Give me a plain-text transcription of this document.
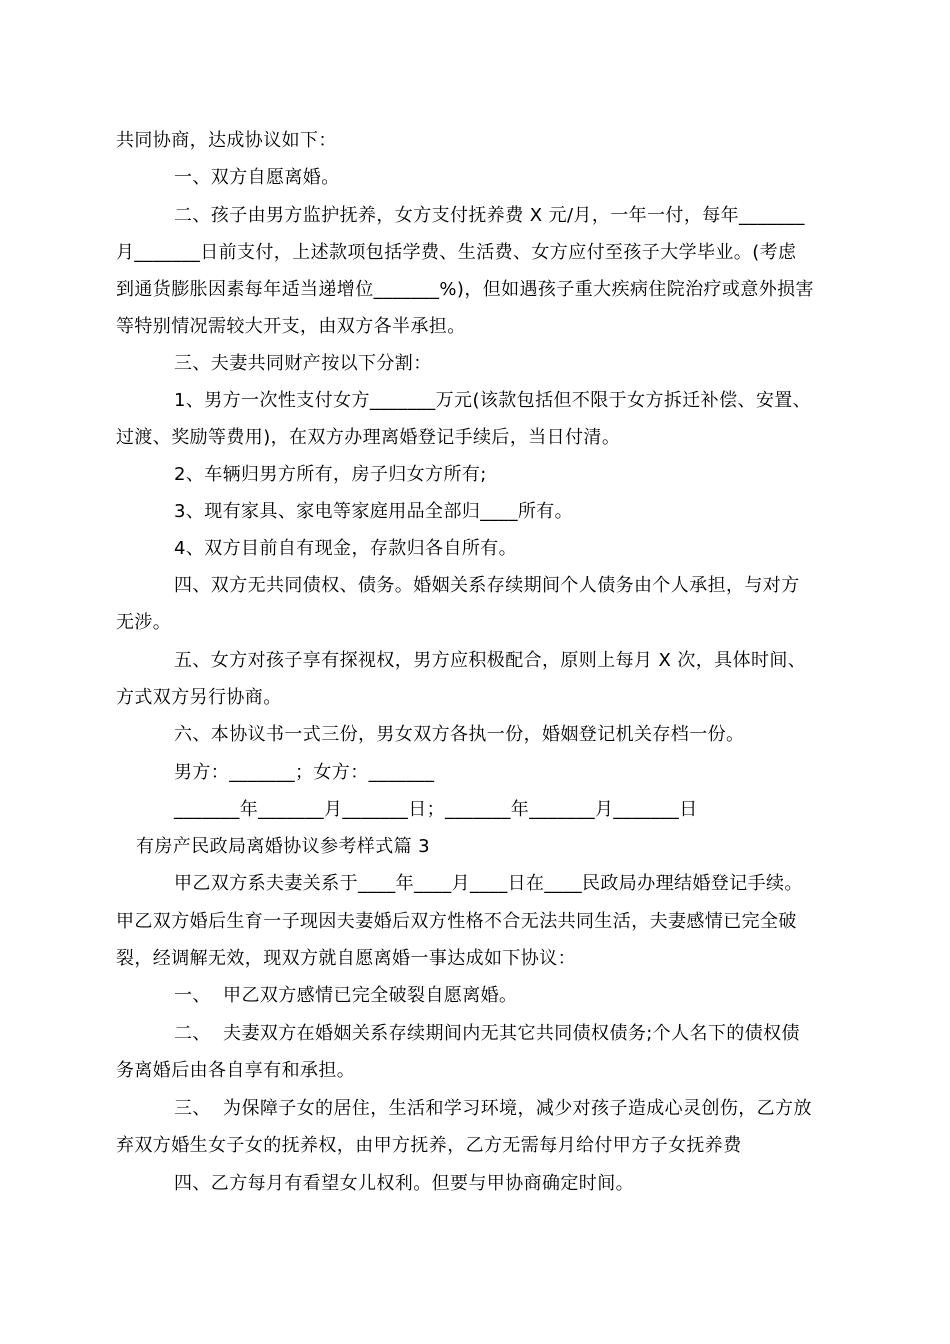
共同协商，达成协议如下：
一、双方自愿离婚。
二、孩子由男方监护抚养，女方支付抚养费 X 元/月，一年一付，每年_______
月_______日前支付，上述款项包括学费、生活费、女方应付至孩子大学毕业。(考虑
到通货膨胀因素每年适当递增位_______%)，但如遇孩子重大疾病住院治疗或意外损害
等特别情况需较大开支，由双方各半承担。
三、夫妻共同财产按以下分割：
1、男方一次性支付女方_______万元(该款包括但不限于女方拆迁补偿、安置、
过渡、奖励等费用)，在双方办理离婚登记手续后，当日付清。
2、车辆归男方所有，房子归女方所有;
3、现有家具、家电等家庭用品全部归____所有。
4、双方目前自有现金，存款归各自所有。
四、双方无共同债权、债务。婚姻关系存续期间个人债务由个人承担，与对方
无涉。
五、女方对孩子享有探视权，男方应积极配合，原则上每月 X 次，具体时间、
方式双方另行协商。
六、本协议书一式三份，男女双方各执一份，婚姻登记机关存档一份。
男方：_______；女方：_______
_______年_______月_______日；_______年_______月_______日
有房产民政局离婚协议参考样式篇 3
甲乙双方系夫妻关系于____年____月____日在____民政局办理结婚登记手续。
甲乙双方婚后生育一子现因夫妻婚后双方性格不合无法共同生活，夫妻感情已完全破
裂，经调解无效，现双方就自愿离婚一事达成如下协议：
一、  甲乙双方感情已完全破裂自愿离婚。
二、  夫妻双方在婚姻关系存续期间内无其它共同债权债务;个人名下的债权债
务离婚后由各自享有和承担。
三、  为保障子女的居住，生活和学习环境，减少对孩子造成心灵创伤，乙方放
弃双方婚生女子女的抚养权，由甲方抚养，乙方无需每月给付甲方子女抚养费
四、乙方每月有看望女儿权利。但要与甲协商确定时间。
